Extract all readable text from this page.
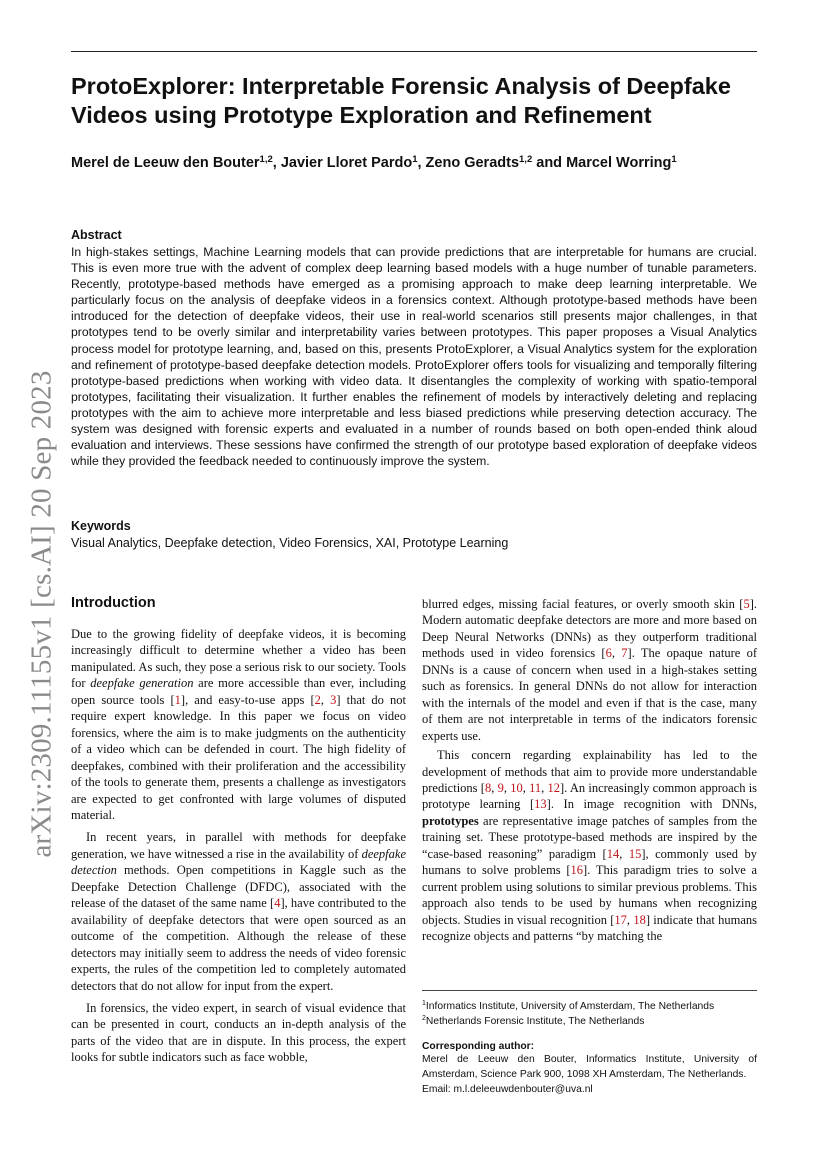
arXiv:2309.11155v1 [cs.AI] 20 Sep 2023
ProtoExplorer: Interpretable Forensic Analysis of Deepfake
Videos using Prototype Exploration and Refinement
Merel de Leeuw den Bouter$^{1,2}$, Javier Lloret Pardo$^1$, Zeno Geradts$^{1,2}$ and Marcel Worring$^1$
Abstract

In high-stakes settings, Machine Learning models that can provide predictions that are interpretable for humans are crucial. This is even more true with the advent of complex deep learning based models with a huge number of tunable parameters. Recently, prototype-based methods have emerged as a promising approach to make deep learning interpretable. We particularly focus on the analysis of deepfake videos in a forensics context. Although prototype-based methods have been introduced for the detection of deepfake videos, their use in real-world scenarios still presents major challenges, in that prototypes tend to be overly similar and interpretability varies between prototypes. This paper proposes a Visual Analytics process model for prototype learning, and, based on this, presents ProtoExplorer, a Visual Analytics system for the exploration and refinement of prototype-based deepfake detection models. ProtoExplorer offers tools for visualizing and temporally filtering prototype-based predictions when working with video data. It disentangles the complexity of working with spatio-temporal prototypes, facilitating their visualization. It further enables the refinement of models by interactively deleting and replacing prototypes with the aim to achieve more interpretable and less biased predictions while preserving detection accuracy. The system was designed with forensic experts and evaluated in a number of rounds based on both open-ended think aloud evaluation and interviews. These sessions have confirmed the strength of our prototype based exploration of deepfake videos while they provided the feedback needed to continuously improve the system.

Keywords

Visual Analytics, Deepfake detection, Video Forensics, XAI, Prototype Learning

Introduction

Due to the growing fidelity of deepfake videos, it is becoming increasingly difficult to determine whether a video has been manipulated. As such, they pose a serious risk to our society. Tools for deepfake generation are more accessible than ever, including open source tools [1], and easy-to-use apps [2, 3] that do not require expert knowledge. In this paper we focus on video forensics, where the aim is to make judgments on the authenticity of a video which can be defended in court. The high fidelity of deepfakes, combined with their proliferation and the accessibility of the tools to generate them, presents a challenge as investigators are expected to get confronted with large volumes of disputed material.

In recent years, in parallel with methods for deepfake generation, we have witnessed a rise in the availability of deepfake detection methods. Open competitions in Kaggle such as the Deepfake Detection Challenge (DFDC), associated with the release of the dataset of the same name [4], have contributed to the availability of deepfake detectors that were open sourced as an outcome of the competition. Although the release of these detectors may initially seem to address the needs of video forensic experts, the rules of the competition led to completely automated detectors that do not allow for input from the expert.

In forensics, the video expert, in search of visual evidence that can be presented in court, conducts an in-depth analysis of the parts of the video that are in dispute. In this process, the expert looks for subtle indicators such as face wobble,

blurred edges, missing facial features, or overly smooth skin [5]. Modern automatic deepfake detectors are more and more based on Deep Neural Networks (DNNs) as they outperform traditional methods used in video forensics [6, 7]. The opaque nature of DNNs is a cause of concern when used in a high-stakes setting such as forensics. In general DNNs do not allow for interaction with the internals of the model and even if that is the case, many of them are not interpretable in terms of the indicators forensic experts use.

This concern regarding explainability has led to the development of methods that aim to provide more understandable predictions [8, 9, 10, 11, 12]. An increasingly common approach is prototype learning [13]. In image recognition with DNNs, prototypes are representative image patches of samples from the training set. These prototype-based methods are inspired by the “case-based reasoning” paradigm [14, 15], commonly used by humans to solve problems [16]. This paradigm tries to solve a current problem using solutions to similar previous problems. This approach also tends to be used by humans when recognizing objects. Studies in visual recognition [17, 18] indicate that humans recognize objects and patterns “by matching the

$^1$Informatics Institute, University of Amsterdam, The Netherlands
$^2$Netherlands Forensic Institute, The Netherlands
Corresponding author:

Merel de Leeuw den Bouter, Informatics Institute, University of Amsterdam, Science Park 900, 1098 XH Amsterdam, The Netherlands.

Email: m.l.deleeuwdenbouter@uva.nl
